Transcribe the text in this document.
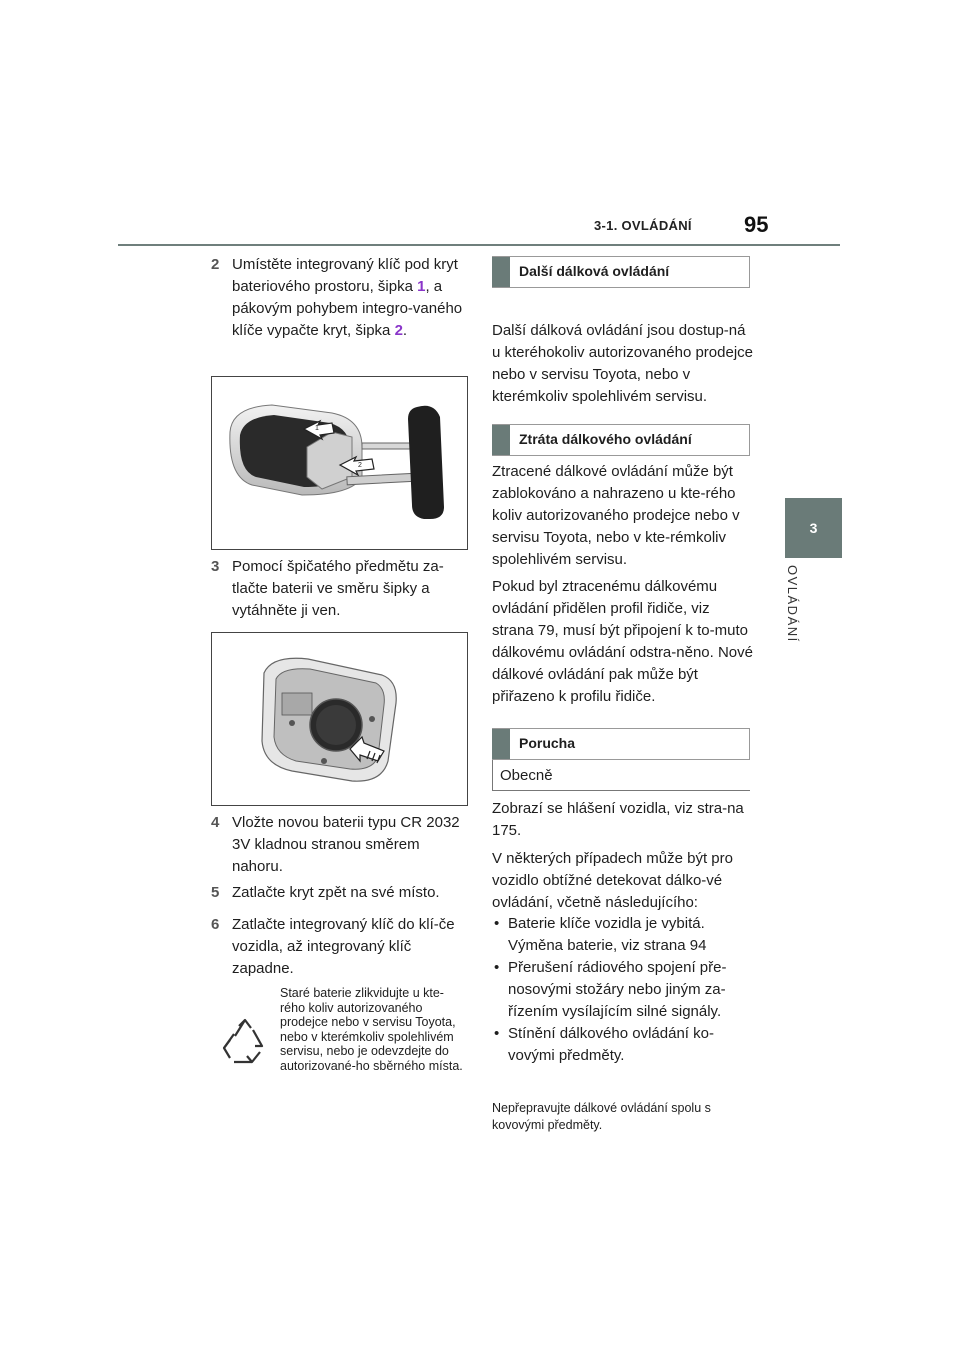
3-1. OVLÁDÁNÍ 95
3
OVLÁDÁNÍ
2 Umístěte integrovaný klíč pod kryt bateriového prostoru, šipka 1, a pákovým pohybem integro-vaného klíče vypačte kryt, šipka 2.
1
2
3 Pomocí špičatého předmětu za-tlačte baterii ve směru šipky a vytáhněte ji ven.
4 Vložte novou baterii typu CR 2032 3V kladnou stranou směrem nahoru.
5 Zatlačte kryt zpět na své místo.
6 Zatlačte integrovaný klíč do klí-če vozidla, až integrovaný klíč zapadne.
Staré baterie zlikvidujte u kte-rého koliv autorizovaného prodejce nebo v servisu Toyota, nebo v kterémkoliv spolehlivém servisu, nebo je odevzdejte do autorizované-ho sběrného místa.
Další dálková ovládání
Další dálková ovládání jsou dostup-ná u kteréhokoliv autorizovaného prodejce nebo v servisu Toyota, nebo v kterémkoliv spolehlivém servisu.
Ztráta dálkového ovládání
Ztracené dálkové ovládání může být zablokováno a nahrazeno u kte-rého koliv autorizovaného prodejce nebo v servisu Toyota, nebo v kte-rémkoliv spolehlivém servisu.
Pokud byl ztracenému dálkovému ovládání přidělen profil řidiče, viz strana 79, musí být připojení k to-muto dálkovému ovládání odstra-něno. Nové dálkové ovládání pak může být přiřazeno k profilu řidiče.
Porucha
Obecně
Zobrazí se hlášení vozidla, viz stra-na 175.
V některých případech může být pro vozidlo obtížné detekovat dálko-vé ovládání, včetně následujícího:
• Baterie klíče vozidla je vybitá. Výměna baterie, viz strana 94
• Přerušení rádiového spojení pře-nosovými stožáry nebo jiným za-řízením vysílajícím silné signály.
• Stínění dálkového ovládání ko-vovými předměty.
Nepřepravujte dálkové ovládání spolu s kovovými předměty.
